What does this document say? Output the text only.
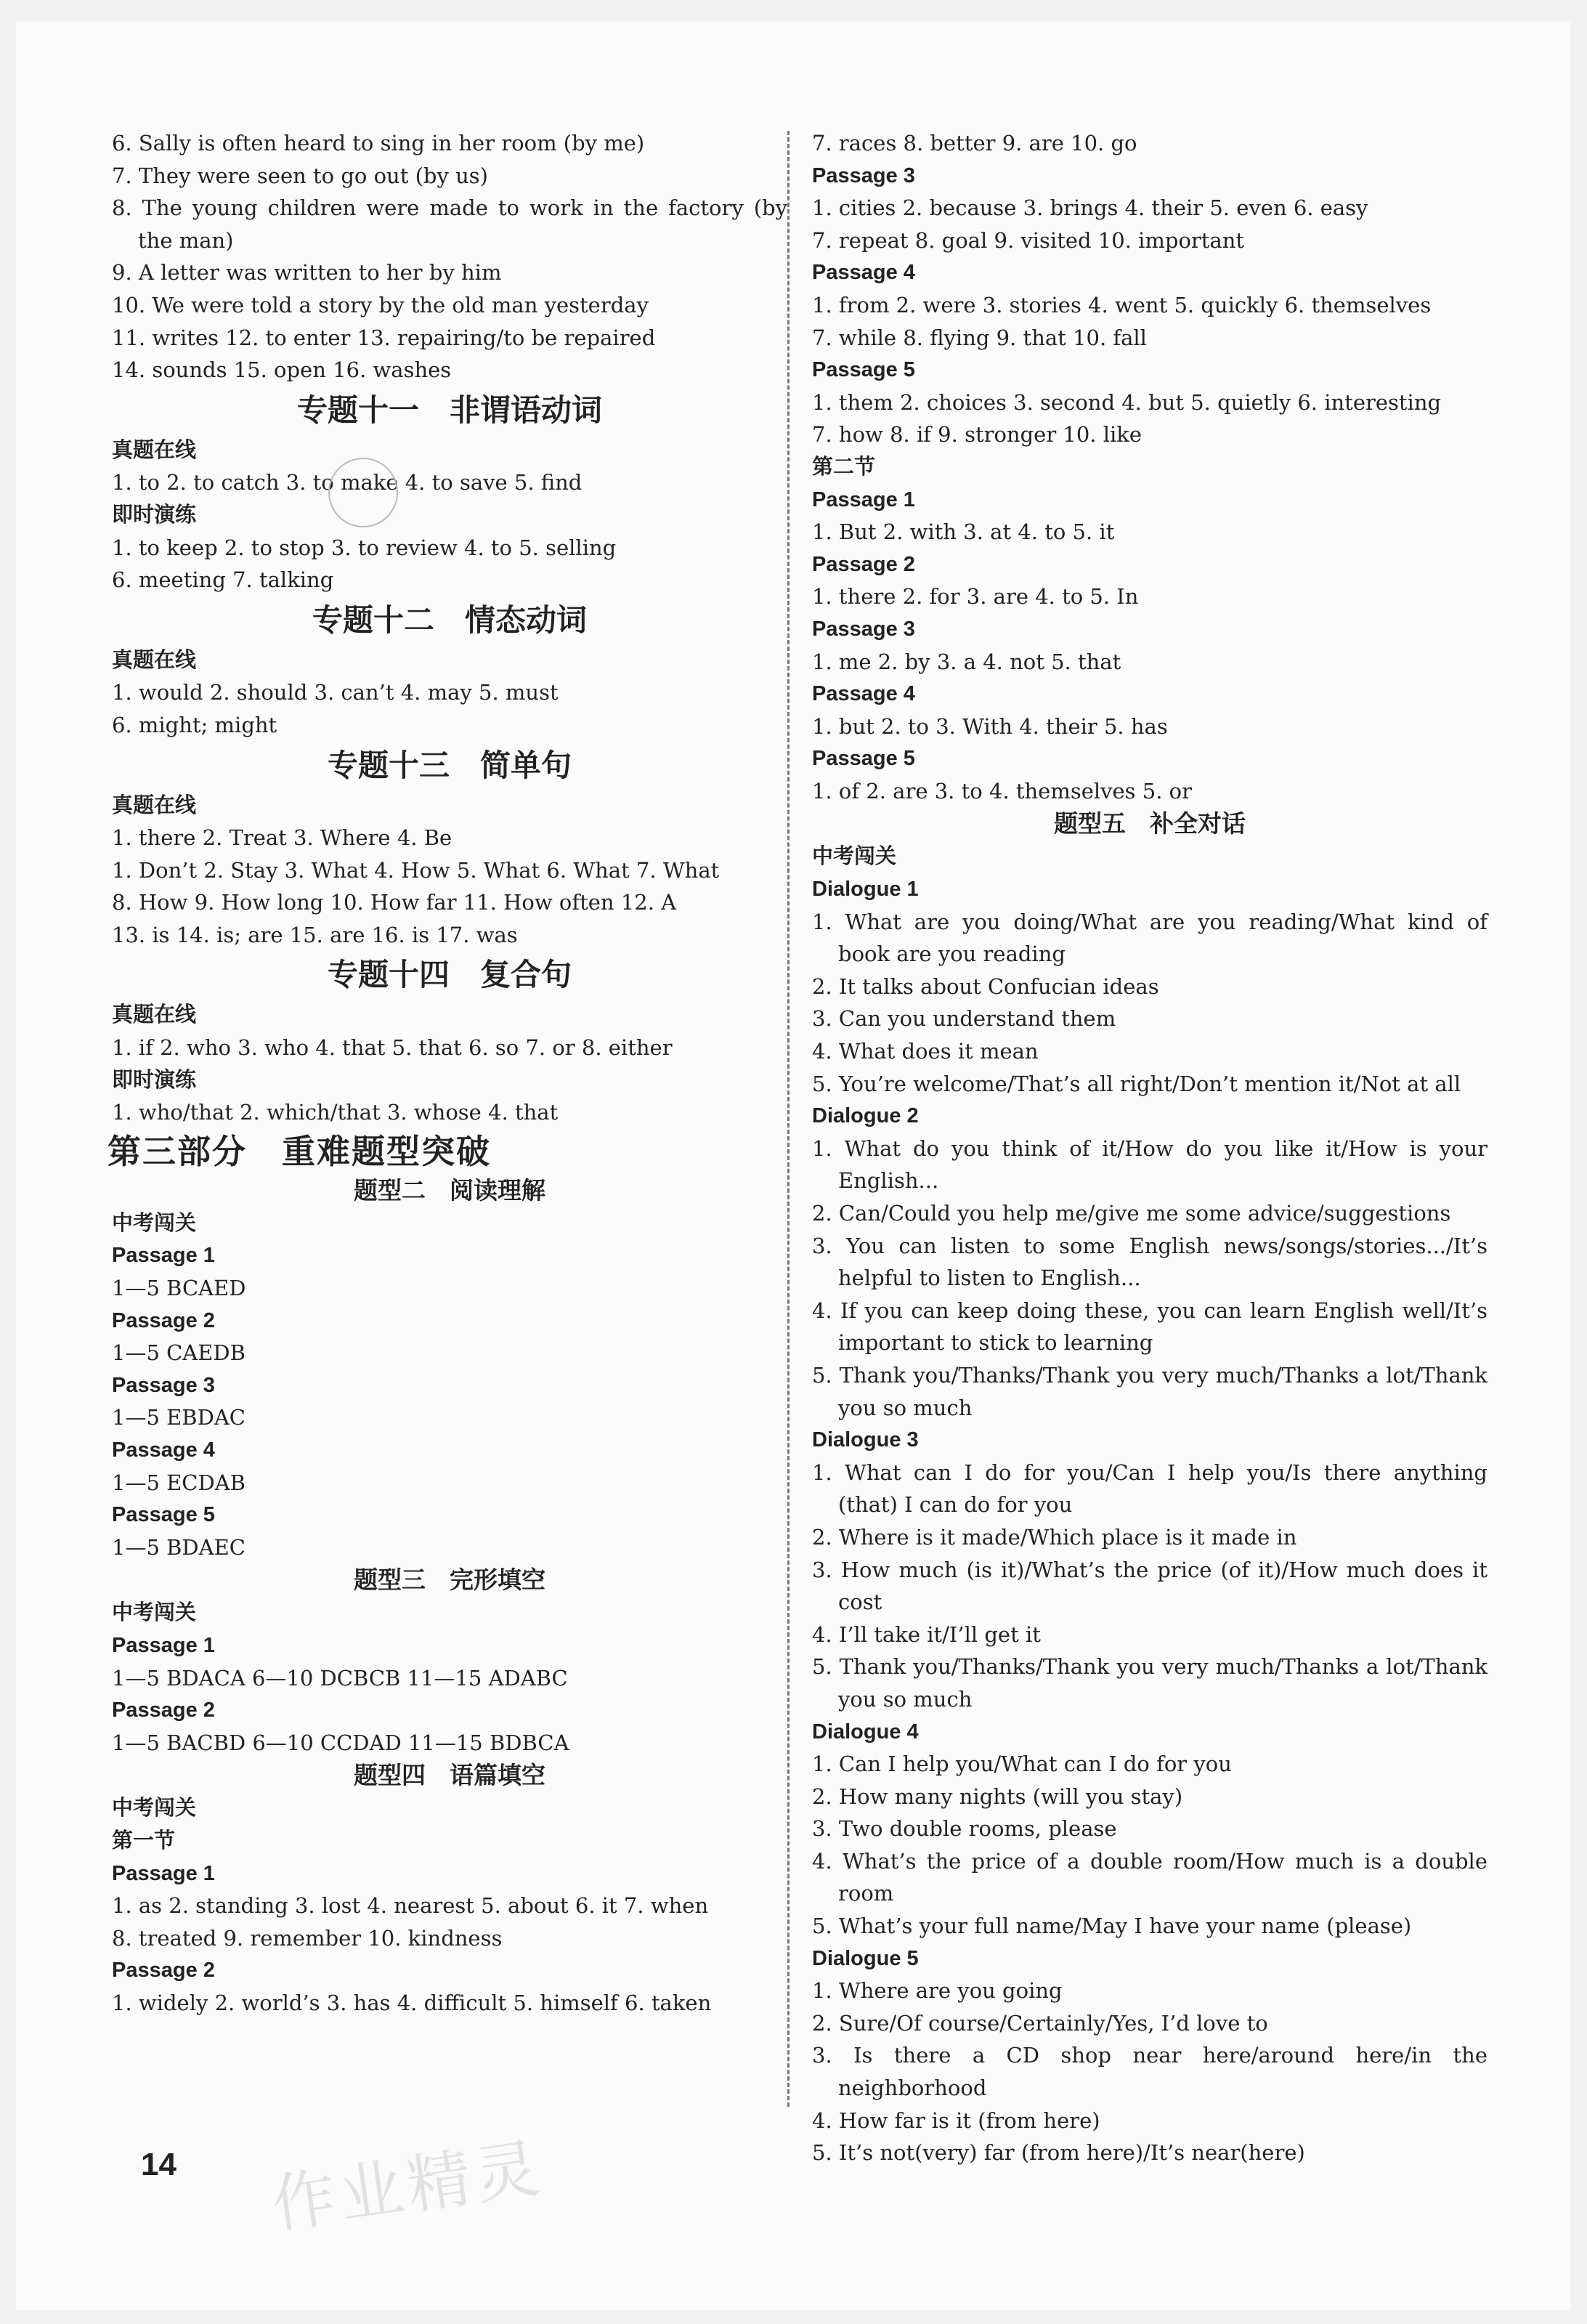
6. Sally is often heard to sing in her room (by me)
7. They were seen to go out (by us)
8. The young children were made to work in the factory (by the man)
9. A letter was written to her by him
10. We were told a story by the old man yesterday
11. writes 12. to enter 13. repairing/to be repaired
14. sounds 15. open 16. washes
专题十一　非谓语动词
真题在线
1. to 2. to catch 3. to make 4. to save 5. find
即时演练
1. to keep 2. to stop 3. to review 4. to 5. selling
6. meeting 7. talking
专题十二　情态动词
真题在线
1. would 2. should 3. can’t 4. may 5. must
6. might; might
专题十三　简单句
真题在线
1. there 2. Treat 3. Where 4. Be
1. Don’t 2. Stay 3. What 4. How 5. What 6. What 7. What
8. How 9. How long 10. How far 11. How often 12. A
13. is 14. is; are 15. are 16. is 17. was
专题十四　复合句
真题在线
1. if 2. who 3. who 4. that 5. that 6. so 7. or 8. either
即时演练
1. who/that 2. which/that 3. whose 4. that
第三部分　重难题型突破
题型二　阅读理解
中考闯关
Passage 1
1—5 BCAED
Passage 2
1—5 CAEDB
Passage 3
1—5 EBDAC
Passage 4
1—5 ECDAB
Passage 5
1—5 BDAEC
题型三　完形填空
中考闯关
Passage 1
1—5 BDACA 6—10 DCBCB 11—15 ADABC
Passage 2
1—5 BACBD 6—10 CCDAD 11—15 BDBCA
题型四　语篇填空
中考闯关
第一节
Passage 1
1. as 2. standing 3. lost 4. nearest 5. about 6. it 7. when
8. treated 9. remember 10. kindness
Passage 2
1. widely 2. world’s 3. has 4. difficult 5. himself 6. taken
7. races 8. better 9. are 10. go
Passage 3
1. cities 2. because 3. brings 4. their 5. even 6. easy
7. repeat 8. goal 9. visited 10. important
Passage 4
1. from 2. were 3. stories 4. went 5. quickly 6. themselves
7. while 8. flying 9. that 10. fall
Passage 5
1. them 2. choices 3. second 4. but 5. quietly 6. interesting
7. how 8. if 9. stronger 10. like
第二节
Passage 1
1. But 2. with 3. at 4. to 5. it
Passage 2
1. there 2. for 3. are 4. to 5. In
Passage 3
1. me 2. by 3. a 4. not 5. that
Passage 4
1. but 2. to 3. With 4. their 5. has
Passage 5
1. of 2. are 3. to 4. themselves 5. or
题型五　补全对话
中考闯关
Dialogue 1
1. What are you doing/What are you reading/What kind of book are you reading
2. It talks about Confucian ideas
3. Can you understand them
4. What does it mean
5. You’re welcome/That’s all right/Don’t mention it/Not at all
Dialogue 2
1. What do you think of it/How do you like it/How is your English...
2. Can/Could you help me/give me some advice/suggestions
3. You can listen to some English news/songs/stories.../It’s helpful to listen to English...
4. If you can keep doing these, you can learn English well/It’s important to stick to learning
5. Thank you/Thanks/Thank you very much/Thanks a lot/Thank you so much
Dialogue 3
1. What can I do for you/Can I help you/Is there anything (that) I can do for you
2. Where is it made/Which place is it made in
3. How much (is it)/What’s the price (of it)/How much does it cost
4. I’ll take it/I’ll get it
5. Thank you/Thanks/Thank you very much/Thanks a lot/Thank you so much
Dialogue 4
1. Can I help you/What can I do for you
2. How many nights (will you stay)
3. Two double rooms, please
4. What’s the price of a double room/How much is a double room
5. What’s your full name/May I have your name (please)
Dialogue 5
1. Where are you going
2. Sure/Of course/Certainly/Yes, I’d love to
3. Is there a CD shop near here/around here/in the neighborhood
4. How far is it (from here)
5. It’s not(very) far (from here)/It’s near(here)
14 作业精灵
